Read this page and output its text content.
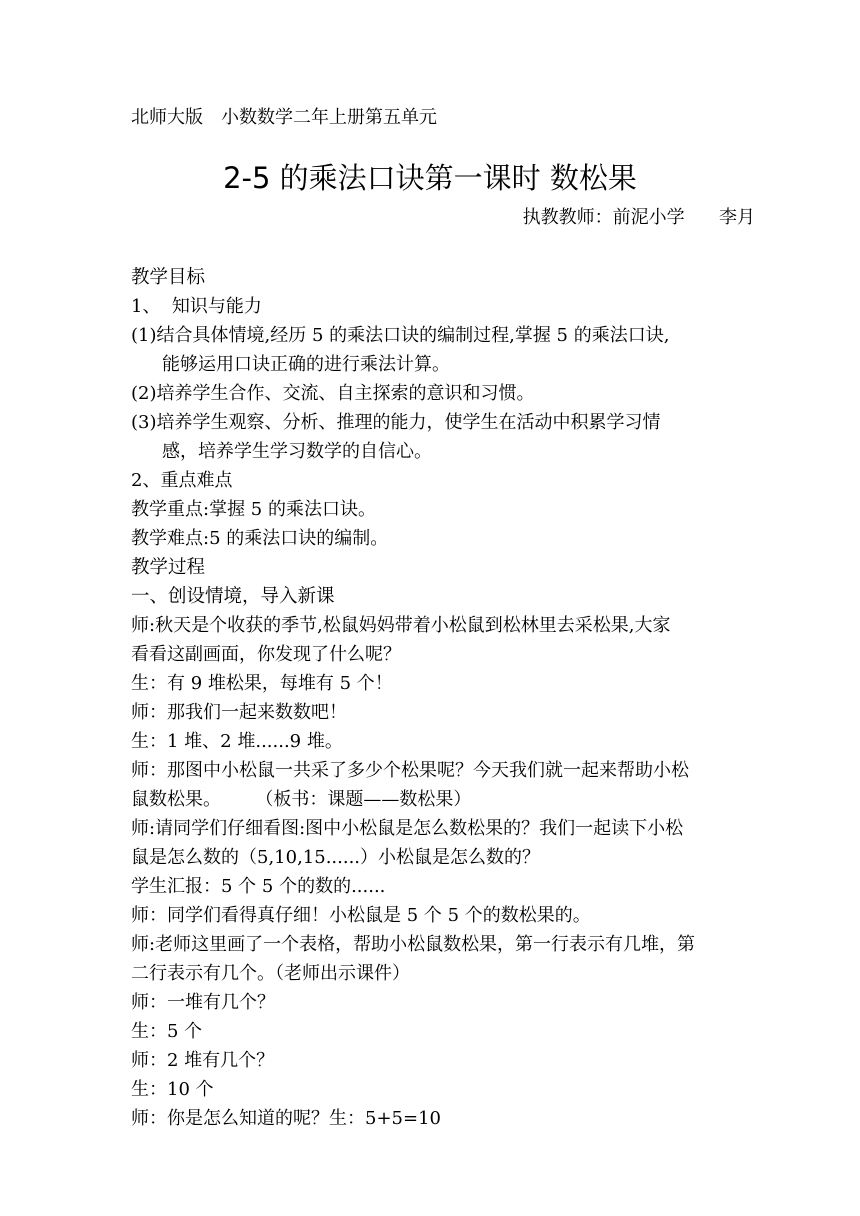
北师大版　小数数学二年上册第五单元
2-5 的乘法口诀第一课时 数松果
执教教师：前泥小学      李月
教学目标
1、  知识与能力
(1)结合具体情境,经历 5 的乘法口诀的编制过程,掌握 5 的乘法口诀,
能够运用口诀正确的进行乘法计算。
(2)培养学生合作、交流、自主探索的意识和习惯。
(3)培养学生观察、分析、推理的能力，使学生在活动中积累学习情
感，培养学生学习数学的自信心。
2、重点难点
教学重点:掌握 5 的乘法口诀。
教学难点:5 的乘法口诀的编制。
教学过程
一、创设情境，导入新课
师:秋天是个收获的季节,松鼠妈妈带着小松鼠到松林里去采松果,大家
看看这副画面，你发现了什么呢？
生：有 9 堆松果，每堆有 5 个！
师：那我们一起来数数吧！
生：1 堆、2 堆......9 堆。
师：那图中小松鼠一共采了多少个松果呢？今天我们就一起来帮助小松
鼠数松果。      （板书：课题——数松果）
师:请同学们仔细看图:图中小松鼠是怎么数松果的？我们一起读下小松
鼠是怎么数的（5,10,15......）小松鼠是怎么数的？
学生汇报：5 个 5 个的数的......
师：同学们看得真仔细！小松鼠是 5 个 5 个的数松果的。
师:老师这里画了一个表格，帮助小松鼠数松果，第一行表示有几堆，第
二行表示有几个。（老师出示课件）
师：一堆有几个？
生：5 个
师：2 堆有几个？
生：10 个
师：你是怎么知道的呢？生：5+5=10
